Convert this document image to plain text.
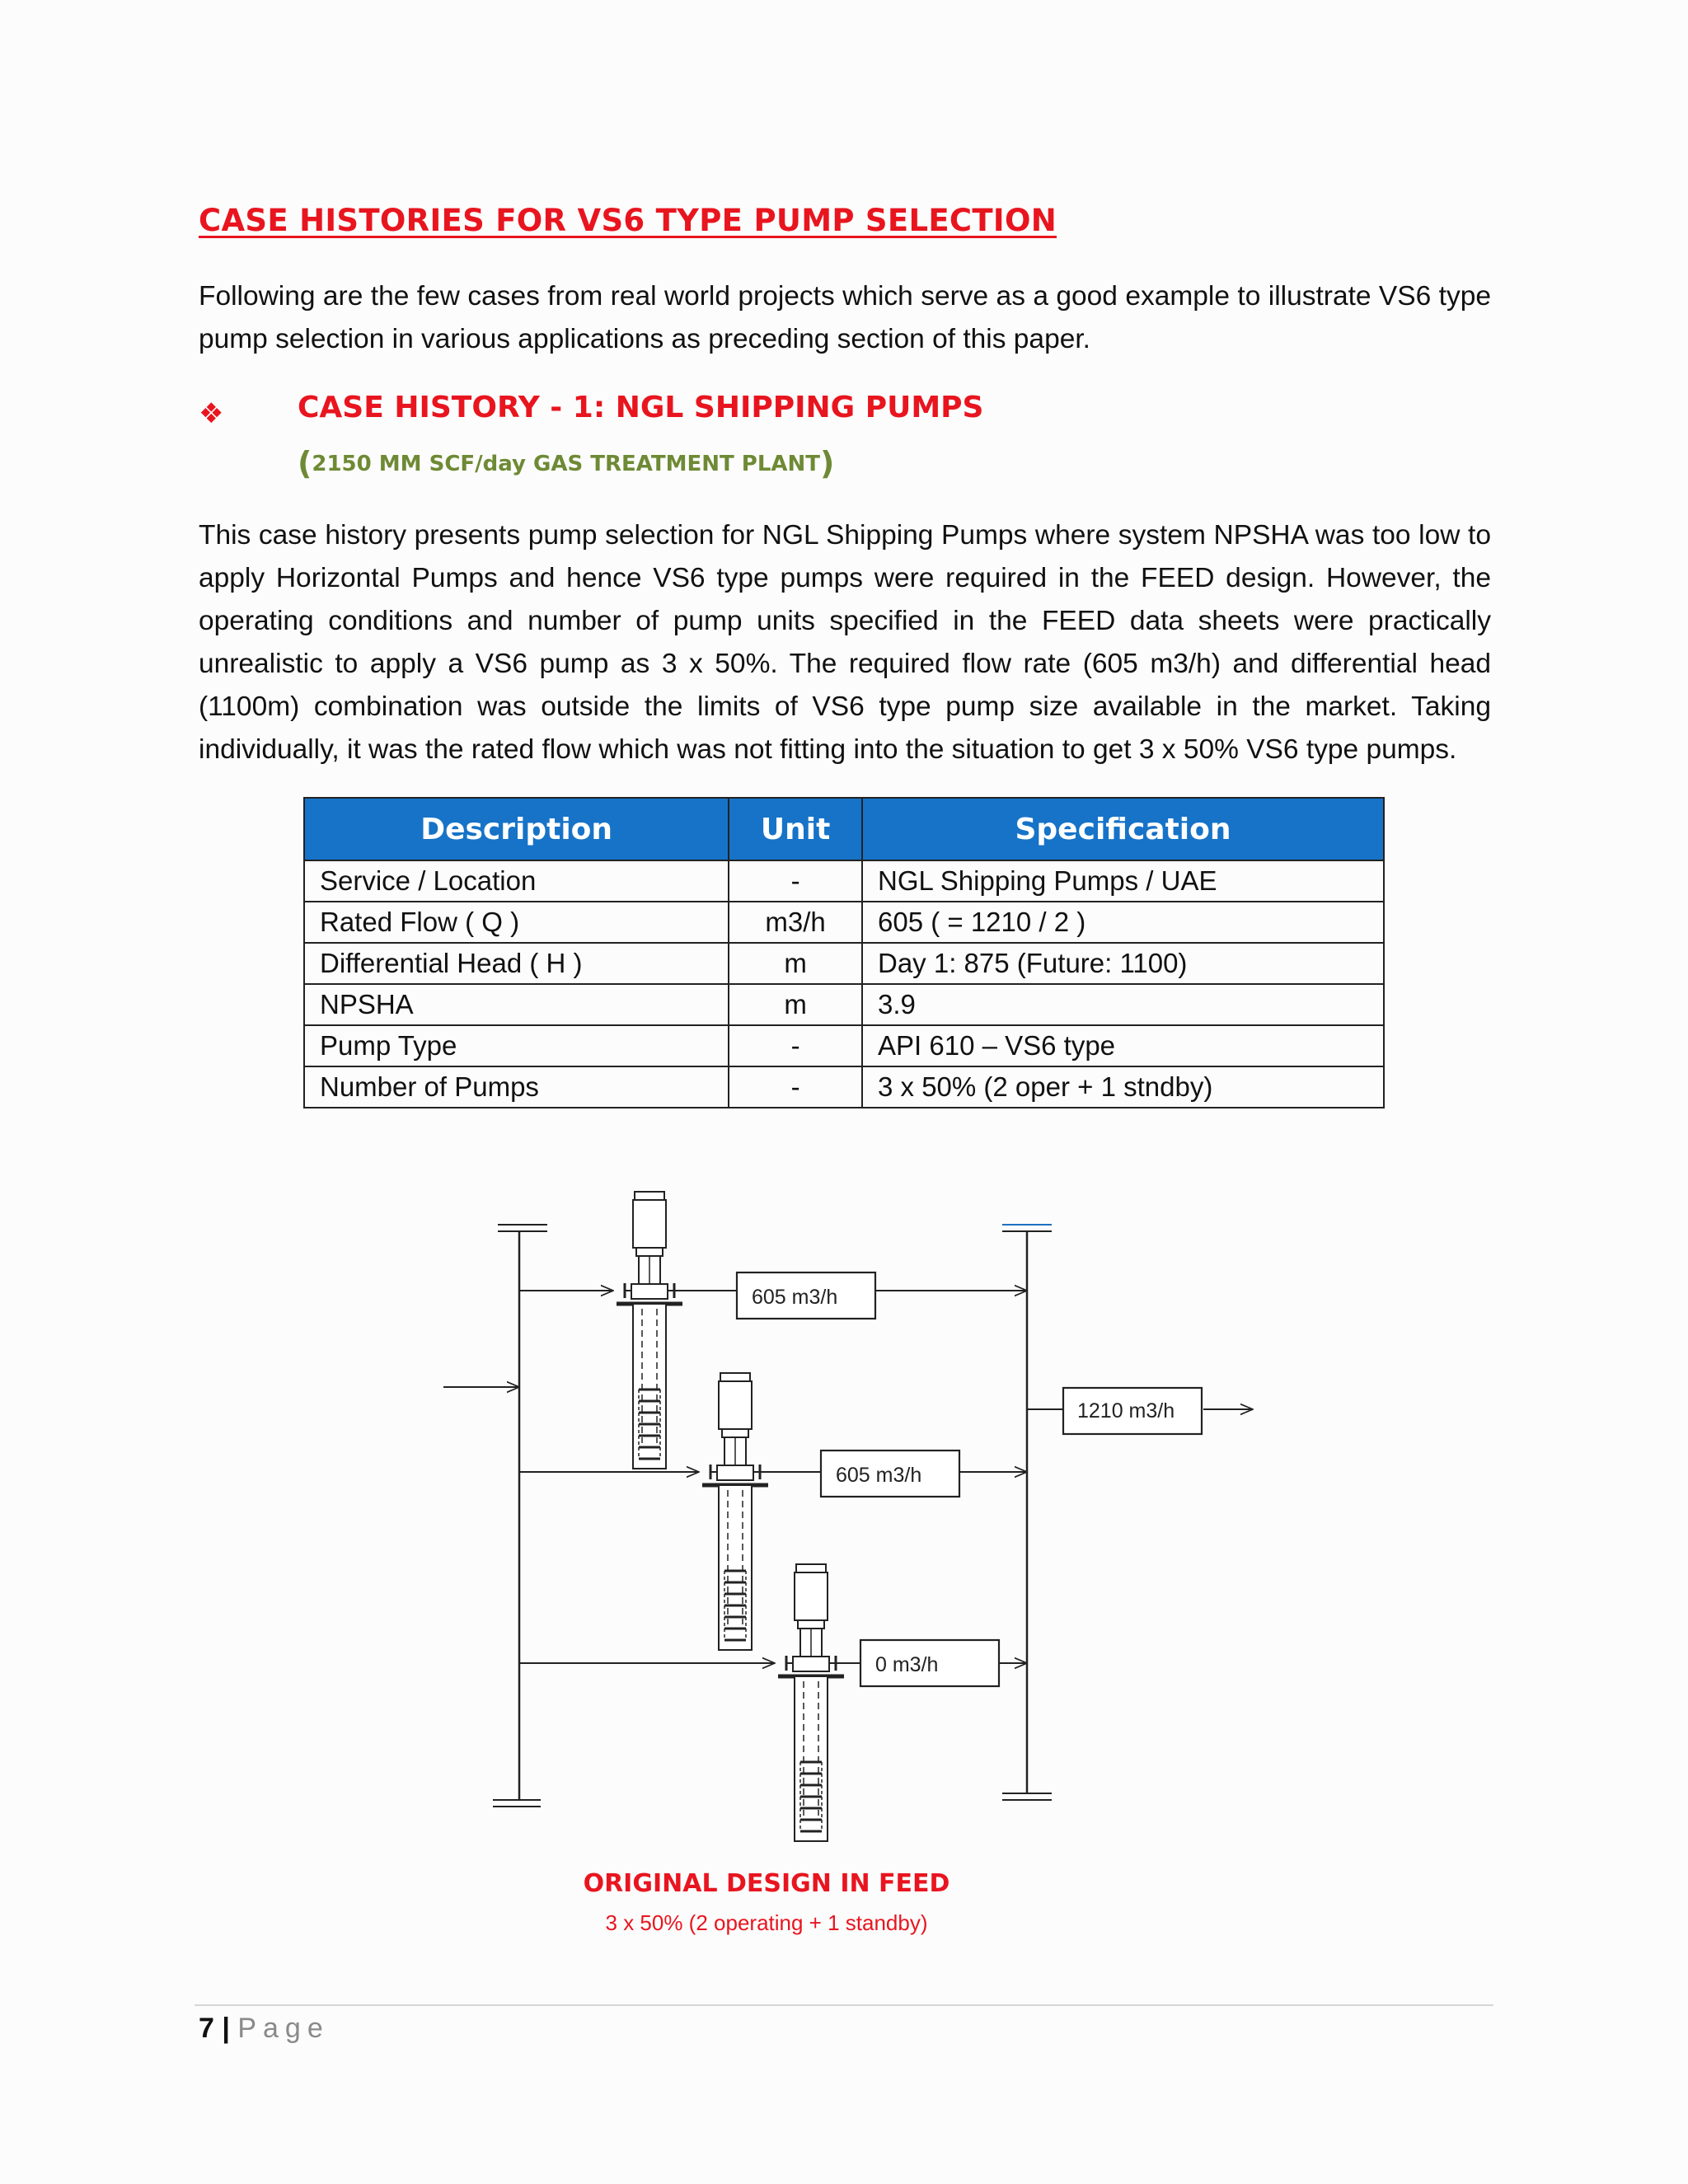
CASE HISTORIES FOR VS6 TYPE PUMP SELECTION
Following are the few cases from real world projects which serve as a good example to illustrate VS6 type pump selection in various applications as preceding section of this paper.
❖ CASE HISTORY - 1: NGL SHIPPING PUMPS
(2150 MM SCF/day GAS TREATMENT PLANT)
This case history presents pump selection for NGL Shipping Pumps where system NPSHA was too low to apply Horizontal Pumps and hence VS6 type pumps were required in the FEED design. However, the operating conditions and number of pump units specified in the FEED data sheets were practically unrealistic to apply a VS6 pump as 3 x 50%. The required flow rate (605 m3/h) and differential head (1100m) combination was outside the limits of VS6 type pump size available in the market. Taking individually, it was the rated flow which was not fitting into the situation to get 3 x 50% VS6 type pumps.
Description	Unit	Specification
Service / Location	-	NGL Shipping Pumps / UAE
Rated Flow ( Q )	m3/h	605 ( = 1210 / 2 )
Differential Head ( H )	m	Day 1: 875 (Future: 1100)
NPSHA	m	3.9
Pump Type	-	API 610 – VS6 type
Number of Pumps	-	3 x 50% (2 oper + 1 stndby)
605 m3/h
605 m3/h
0 m3/h
1210 m3/h
ORIGINAL DESIGN IN FEED
3 x 50% (2 operating + 1 standby)
7 | Page
